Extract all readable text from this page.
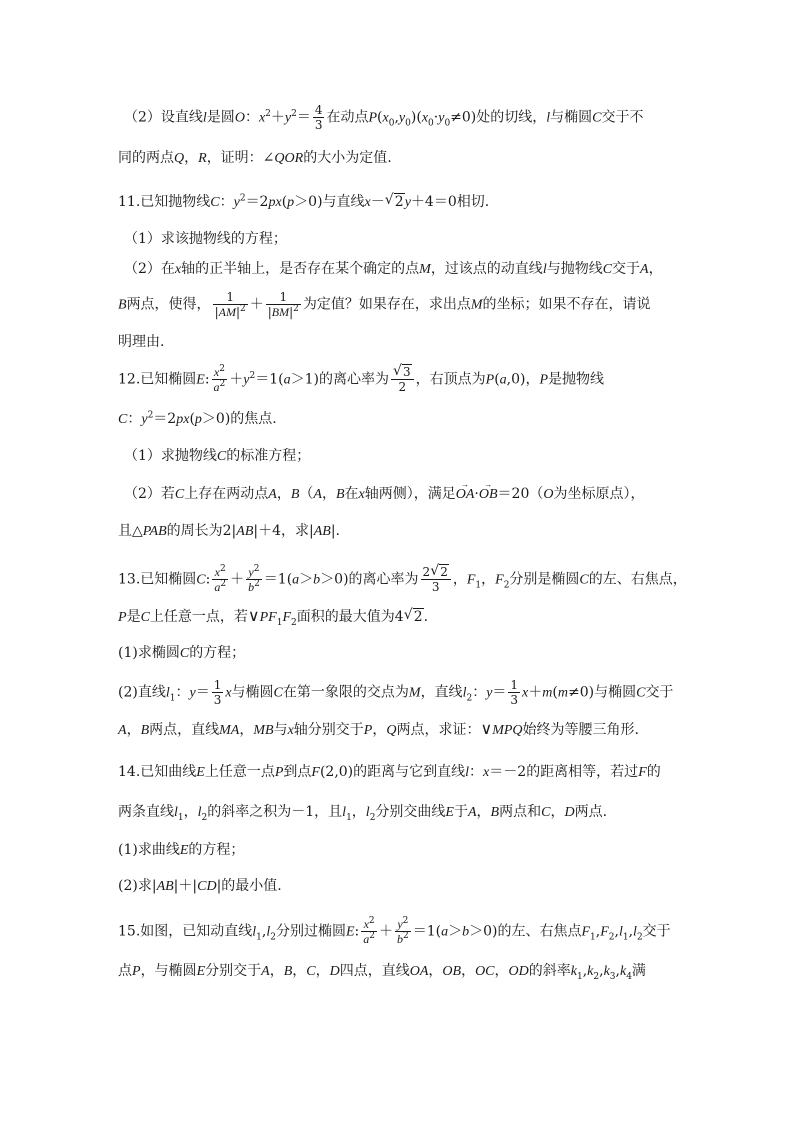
（2）设直线l是圆O：$x^2+y^2= \frac{4}{3}$ 在动点$P(x_0,y_0)(x_0\cdot y_0\ne 0)$处的切线，l与椭圆C交于不
同的两点Q，R，证明：∠QOR的大小为定值.
11.已知抛物线C：$y^2=2px(p>0)$与直线x－ √ 2y＋4＝0相切.
（1）求该抛物线的方程；
（2）在x轴的正半轴上，是否存在某个确定的点M，过该点的动直线l与抛物线C交于A，
B两点，使得， $\frac{1}{|AM|^2} + \frac{1}{|BM|^2}$ 为定值？如果存在，求出点M的坐标；如果不存在，请说
明理由.
12.已知椭圆E: $\frac{x^2}{a^2} +y^2=1(a>1)$的离心率为 √ $\frac{3}{2}$ ，右顶点为P(a,0)，P是抛物线
C：$y^2=2px(p>0)$的焦点.
（1）求抛物线C的标准方程；
（2）若C上存在两动点A，B（A，B在x轴两侧），满足→ OA·→ OB＝20（O为坐标原点），
且△PAB的周长为2|AB|＋4，求|AB|.
13.已知椭圆C: $\frac{x^2}{a^2} + \frac{y^2}{b^2} =1(a>b>0)$的离心率为 $\frac{2 √ 2}{3}$ ，$F_1$，$F_2$分别是椭圆C的左、右焦点，
P是C上任意一点，若$\vee PF_1F_2$面积的最大值为4 √ 2.
(1)求椭圆C的方程；
(2)直线$l_1$：$y= \frac{1}{3}$ x与椭圆C在第一象限的交点为M，直线$l_2$：$y= \frac{1}{3} x+m(m\ne 0)$与椭圆C交于
A，B两点，直线MA，MB与x轴分别交于P，Q两点，求证：∨MPQ始终为等腰三角形.
14.已知曲线E上任意一点P到点F(2,0)的距离与它到直线l：x＝－2的距离相等，若过F的
两条直线$l_1$，$l_2$的斜率之积为－1，且$l_1$，$l_2$分别交曲线E于A，B两点和C，D两点.
(1)求曲线E的方程；
(2)求|AB|＋|CD|的最小值.
15.如图，已知动直线$l_1,l_2$分别过椭圆E: $\frac{x^2}{a^2} + \frac{y^2}{b^2} =1(a>b>0)$的左、右焦点$F_1,F_2,l_1,l_2$交于
点P，与椭圆E分别交于A，B，C，D四点，直线OA，OB，OC，OD的斜率$k_1,k_2,k_3,k_4$满
